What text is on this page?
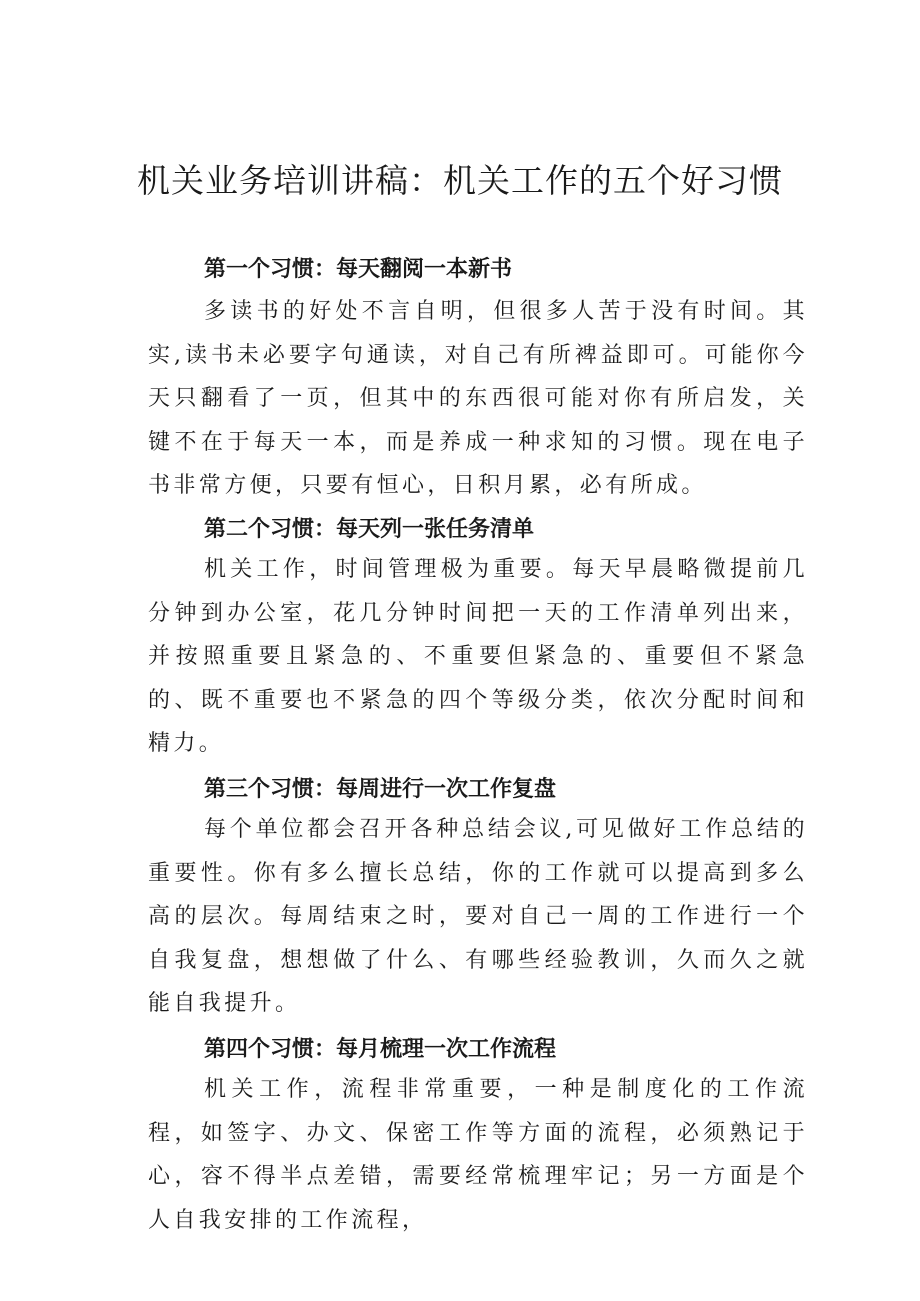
机关业务培训讲稿：机关工作的五个好习惯

第一个习惯：每天翻阅一本新书

多读书的好处不言自明，但很多人苦于没有时间。其实,读书未必要字句通读，对自己有所裨益即可。可能你今天只翻看了一页，但其中的东西很可能对你有所启发，关键不在于每天一本，而是养成一种求知的习惯。现在电子书非常方便，只要有恒心，日积月累，必有所成。

第二个习惯：每天列一张任务清单

机关工作，时间管理极为重要。每天早晨略微提前几分钟到办公室，花几分钟时间把一天的工作清单列出来，并按照重要且紧急的、不重要但紧急的、重要但不紧急的、既不重要也不紧急的四个等级分类，依次分配时间和精力。

第三个习惯：每周进行一次工作复盘

每个单位都会召开各种总结会议,可见做好工作总结的重要性。你有多么擅长总结，你的工作就可以提高到多么高的层次。每周结束之时，要对自己一周的工作进行一个自我复盘，想想做了什么、有哪些经验教训，久而久之就能自我提升。

第四个习惯：每月梳理一次工作流程

机关工作，流程非常重要，一种是制度化的工作流程，如签字、办文、保密工作等方面的流程，必须熟记于心，容不得半点差错，需要经常梳理牢记；另一方面是个人自我安排的工作流程，
